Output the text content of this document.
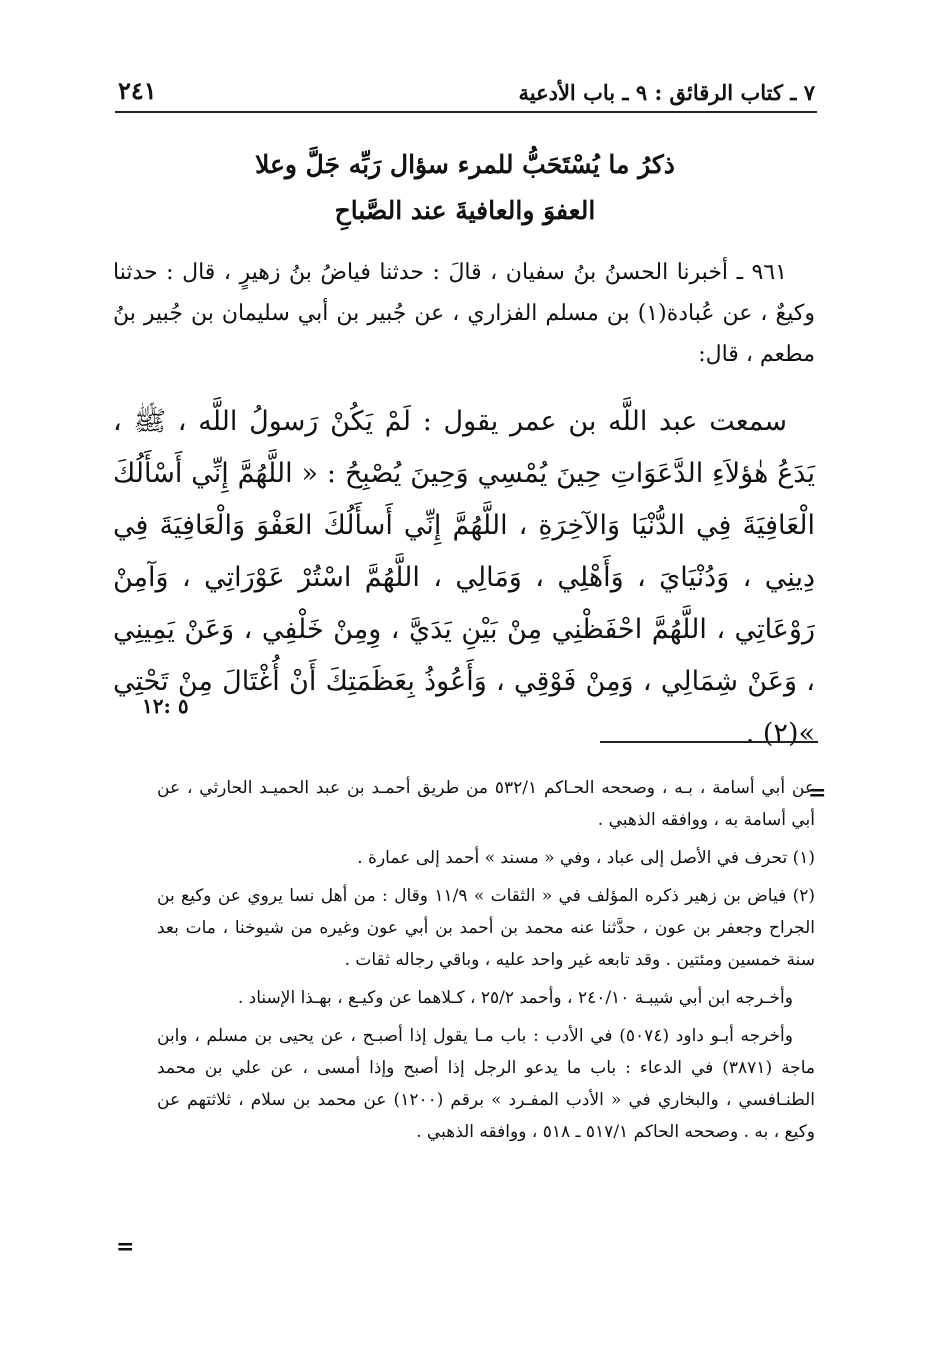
٧ ـ كتاب الرقائق : ٩ ـ باب الأدعية
٢٤١
ذكرُ ما يُسْتَحَبُّ للمرء سؤال رَبِّه جَلَّ وعلا
العفوَ والعافيةَ عند الصَّباحِ

٩٦١ ـ أخبرنا الحسنُ بنُ سفيان ، قالَ : حدثنا فياضُ بنُ زهيرٍ ، قال : حدثنا وكيعٌ ، عن عُبادة(١) بن مسلم الفزاري ، عن جُبير بن أبي سليمان بن جُبير بنُ مطعم ، قال:

سمعت عبد اللَّه بن عمر يقول : لَمْ يَكُنْ رَسولُ اللَّه ، ﷺ ، يَدَعُ هٰؤلاَءِ الدَّعَوَاتِ حِينَ يُمْسِي وَحِينَ يُصْبِحُ : « اللَّهُمَّ إِنِّي أَسْأَلُكَ الْعَافِيَةَ فِي الدُّنْيَا وَالآخِرَةِ ، اللَّهُمَّ إِنِّي أَسأَلُكَ العَفْوَ وَالْعَافِيَةَ فِي دِينِي ، وَدُنْيَايَ ، وَأَهْلِي ، وَمَالِي ، اللَّهُمَّ اسْتُرْ عَوْرَاتِي ، وَآمِنْ رَوْعَاتِي ، اللَّهُمَّ احْفَظْنِي مِنْ بَيْنِ يَدَيَّ ، وِمِنْ خَلْفِي ، وَعَنْ يَمِينِي ، وَعَنْ شِمَالِي ، وَمِنْ فَوْقِي ، وَأَعُوذُ بِعَظَمَتِكَ أَنْ أُغْتَالَ مِنْ تَحْتِي »(٢) .

٥ :١٢

عن أبي أسامة ، بـه ، وصححه الحـاكم ٥٣٢/١ من طريق أحمـد بن عبد الحميـد الحارثي ، عن أبي أسامة به ، ووافقه الذهبي .

(١) تحرف في الأصل إلى عباد ، وفي « مسند » أحمد إلى عمارة .

(٢) فياض بن زهير ذكره المؤلف في « الثقات » ١١/٩ وقال : من أهل نسا يروي عن وكيع بن الجراح وجعفر بن عون ، حدَّثنا عنه محمد بن أحمد بن أبي عون وغيره من شيوخنا ، مات بعد سنة خمسين ومئتين . وقد تابعه غير واحد عليه ، وباقي رجاله ثقات .

وأخـرجه ابن أبي شيبـة ٢٤٠/١٠ ، وأحمد ٢٥/٢ ، كـلاهما عن وكيـع ، بهـذا الإسناد .

وأخرجه أبـو داود (٥٠٧٤) في الأدب : باب مـا يقول إذا أصبـح ، عن يحيى بن مسلم ، وابن ماجة (٣٨٧١) في الدعاء : باب ما يدعو الرجل إذا أصبح وإذا أمسى ، عن علي بن محمد الطنـافسي ، والبخاري في « الأدب المفـرد » برقم (١٢٠٠) عن محمد بن سلام ، ثلاثتهم عن وكيع ، به . وصححه الحاكم ٥١٧/١ ـ ٥١٨ ، ووافقه الذهبي .

=
=
